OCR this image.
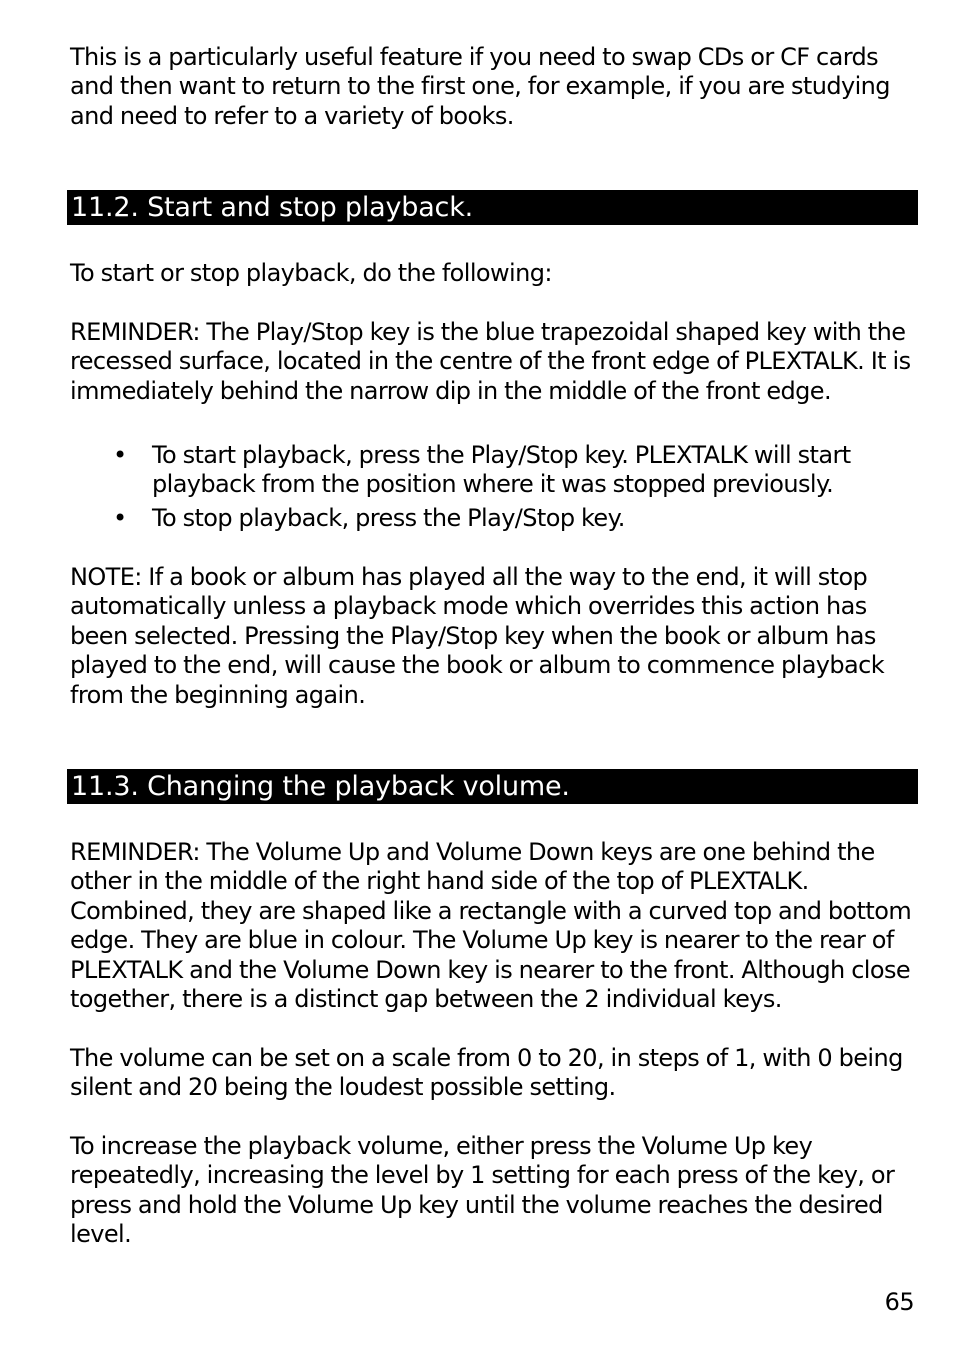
This is a particularly useful feature if you need to swap CDs or CF cards and then want to return to the first one, for example, if you are studying and need to refer to a variety of books.

11.2. Start and stop playback.

To start or stop playback, do the following:

REMINDER: The Play/Stop key is the blue trapezoidal shaped key with the recessed surface, located in the centre of the front edge of PLEXTALK. It is immediately behind the narrow dip in the middle of the front edge.

• To start playback, press the Play/Stop key. PLEXTALK will start playback from the position where it was stopped previously.
• To stop playback, press the Play/Stop key.

NOTE: If a book or album has played all the way to the end, it will stop automatically unless a playback mode which overrides this action has been selected. Pressing the Play/Stop key when the book or album has played to the end, will cause the book or album to commence playback from the beginning again.

11.3. Changing the playback volume.

REMINDER: The Volume Up and Volume Down keys are one behind the other in the middle of the right hand side of the top of PLEXTALK. Combined, they are shaped like a rectangle with a curved top and bottom edge. They are blue in colour. The Volume Up key is nearer to the rear of PLEXTALK and the Volume Down key is nearer to the front. Although close together, there is a distinct gap between the 2 individual keys.

The volume can be set on a scale from 0 to 20, in steps of 1, with 0 being silent and 20 being the loudest possible setting.

To increase the playback volume, either press the Volume Up key repeatedly, increasing the level by 1 setting for each press of the key, or press and hold the Volume Up key until the volume reaches the desired level.

65
